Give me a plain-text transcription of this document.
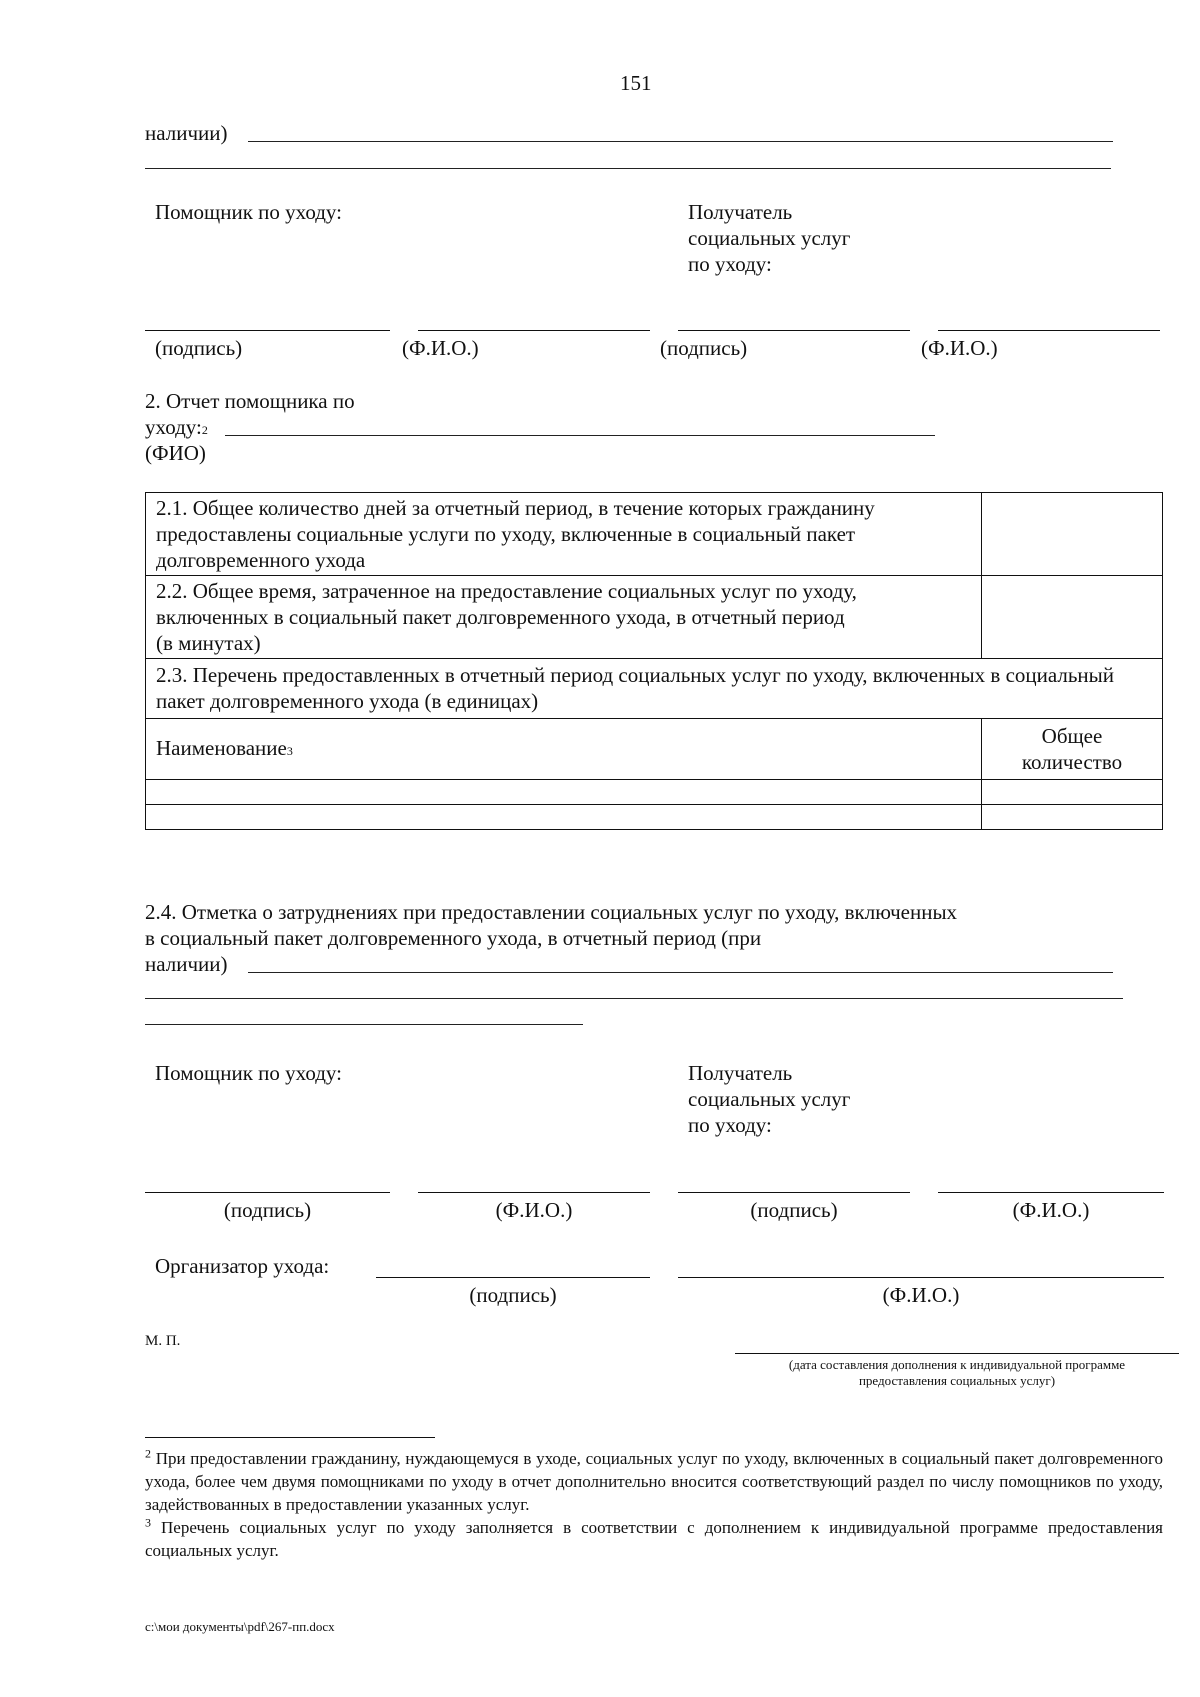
151
наличии)
Помощник по уходу:	Получатель
социальных услуг
по уходу:
(подпись)	(Ф.И.О.)	(подпись)	(Ф.И.О.)
2. Отчет помощника по
уходу:2
(ФИО)
2.1. Общее количество дней за отчетный период, в течение которых гражданину предоставлены социальные услуги по уходу, включенные в социальный пакет долговременного ухода	

2.2. Общее время, затраченное на предоставление социальных услуг по уходу, включенных в социальный пакет долговременного ухода, в отчетный период
(в минутах)	

2.3. Перечень предоставленных в отчетный период социальных услуг по уходу, включенных в социальный пакет долговременного ухода (в единицах)	
Наименование3	Общее
количество

2.4. Отметка о затруднениях при предоставлении социальных услуг по уходу, включенных
в социальный пакет долговременного ухода, в отчетный период (при
наличии)
Помощник по уходу:	Получатель
социальных услуг
по уходу:
(подпись)	(Ф.И.О.)	(подпись)	(Ф.И.О.)
Организатор ухода:
(подпись)	(Ф.И.О.)
М. П.
(дата составления дополнения к индивидуальной программе
предоставления социальных услуг)

$^2$ При предоставлении гражданину, нуждающемуся в уходе, социальных услуг по уходу, включенных в социальный пакет долговременного ухода, более чем двумя помощниками по уходу в отчет дополнительно вносится соответствующий раздел по числу помощников по уходу, задействованных в предоставлении указанных услуг.

$^3$ Перечень социальных услуг по уходу заполняется в соответствии с дополнением к индивидуальной программе предоставления социальных услуг.

c:\мои документы\pdf\267-пп.docx
